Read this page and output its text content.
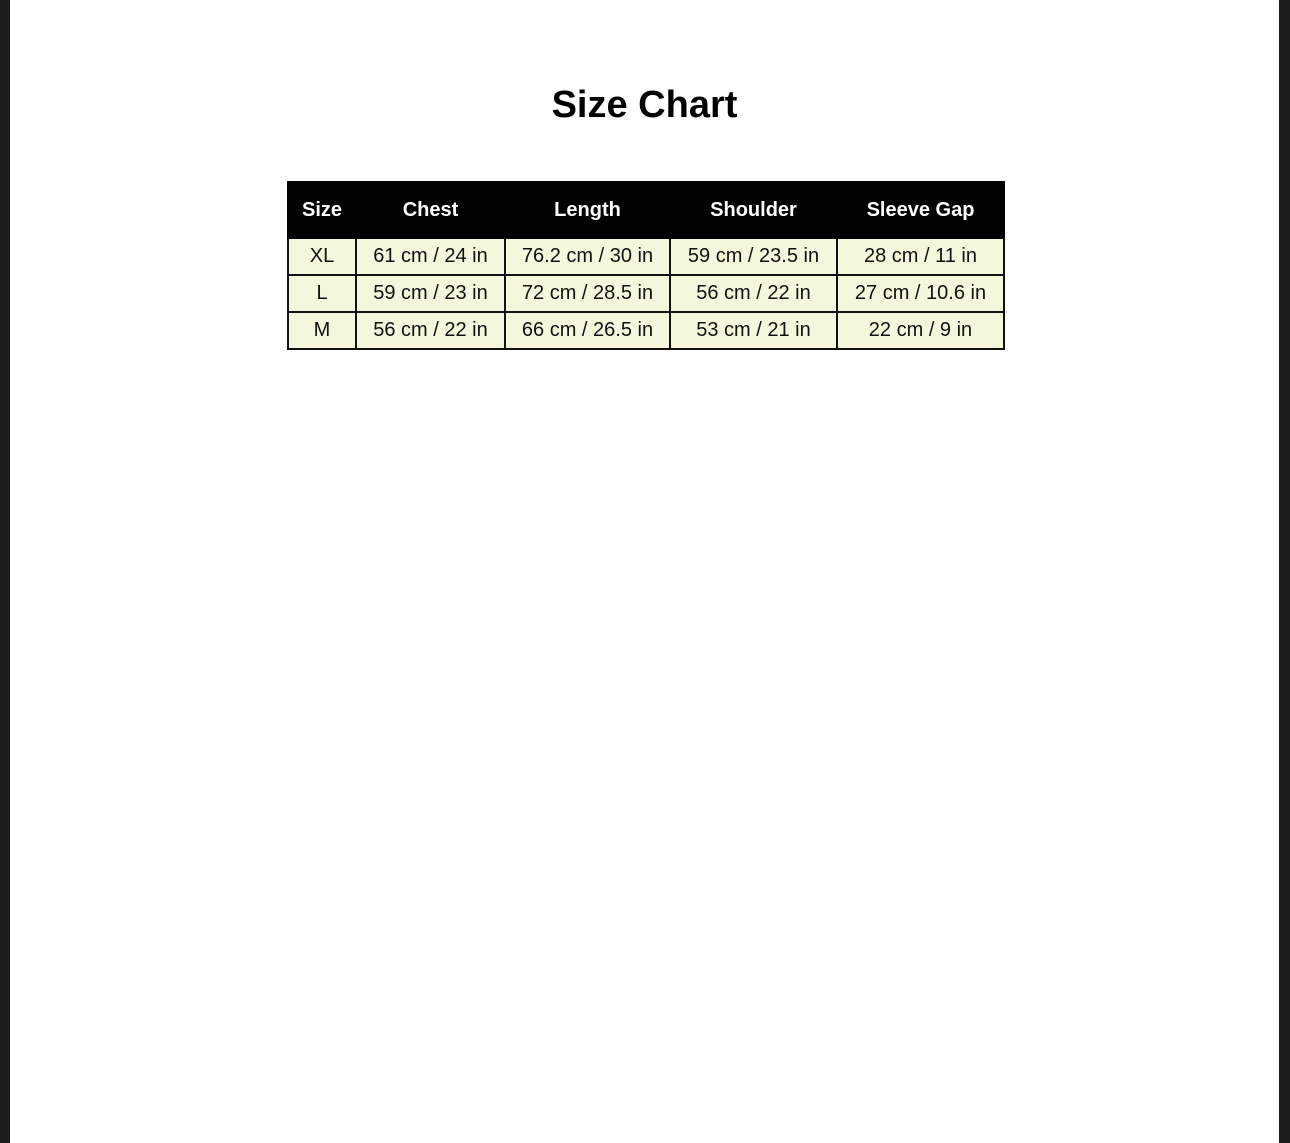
Size Chart
Size	Chest	Length	Shoulder	Sleeve Gap
XL	61 cm / 24 in	76.2 cm / 30 in	59 cm / 23.5 in	28 cm / 11 in
L	59 cm / 23 in	72 cm / 28.5 in	56 cm / 22 in	27 cm / 10.6 in
M	56 cm / 22 in	66 cm / 26.5 in	53 cm / 21 in	22 cm / 9 in
